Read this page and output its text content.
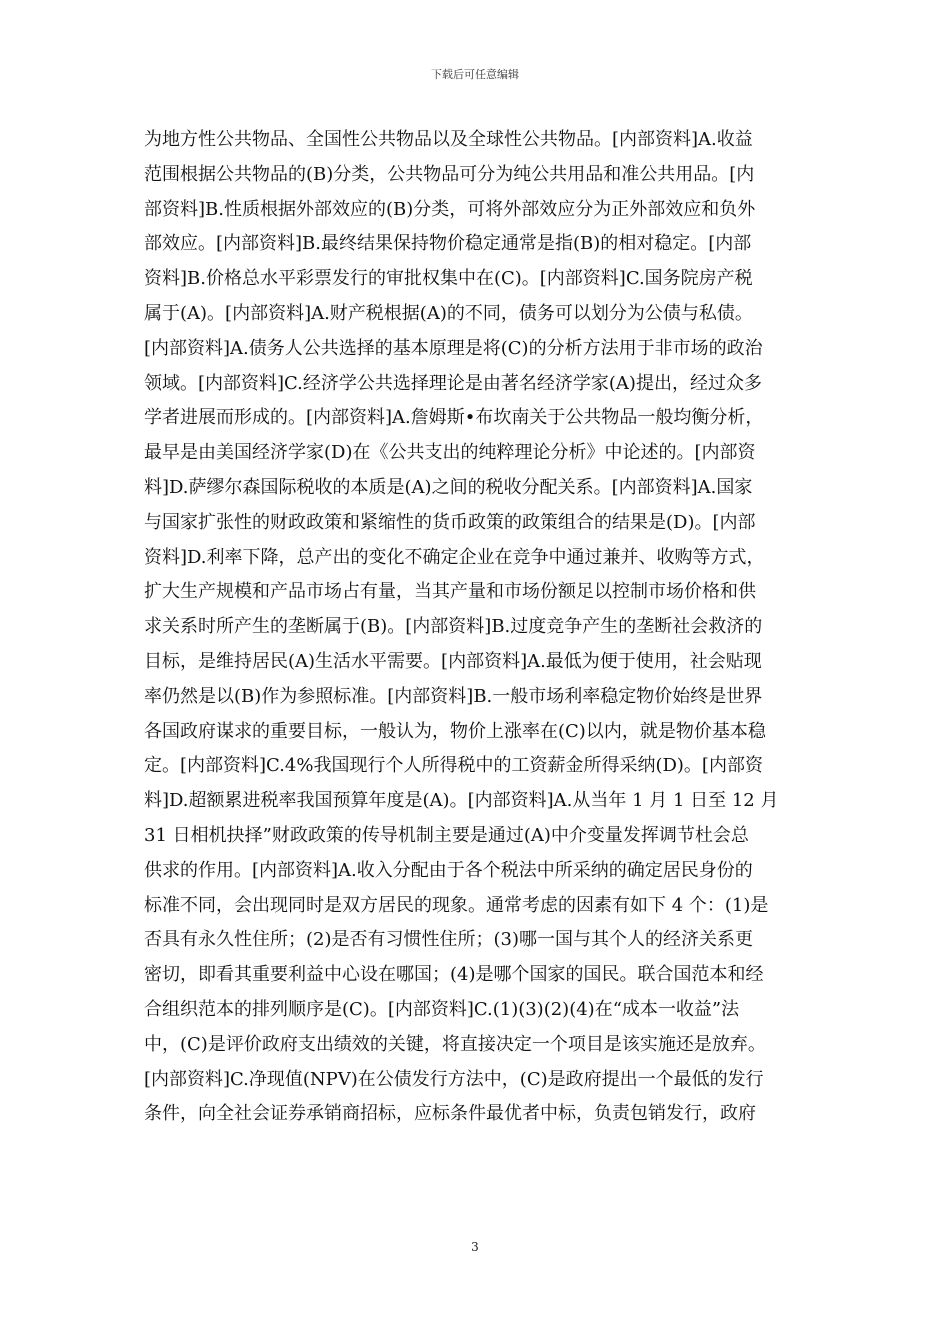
下载后可任意编辑
为地方性公共物品、全国性公共物品以及全球性公共物品。[内部资料]A.收益
范围根据公共物品的(B)分类，公共物品可分为纯公共用品和准公共用品。[内
部资料]B.性质根据外部效应的(B)分类，可将外部效应分为正外部效应和负外
部效应。[内部资料]B.最终结果保持物价稳定通常是指(B)的相对稳定。[内部
资料]B.价格总水平彩票发行的审批权集中在(C)。[内部资料]C.国务院房产税
属于(A)。[内部资料]A.财产税根据(A)的不同，债务可以划分为公债与私债。
[内部资料]A.债务人公共选择的基本原理是将(C)的分析方法用于非市场的政治
领域。[内部资料]C.经济学公共选择理论是由著名经济学家(A)提出，经过众多
学者进展而形成的。[内部资料]A.詹姆斯•布坎南关于公共物品一般均衡分析，
最早是由美国经济学家(D)在《公共支出的纯粹理论分析》中论述的。[内部资
料]D.萨缪尔森国际税收的本质是(A)之间的税收分配关系。[内部资料]A.国家
与国家扩张性的财政政策和紧缩性的货币政策的政策组合的结果是(D)。[内部
资料]D.利率下降，总产出的变化不确定企业在竞争中通过兼并、收购等方式，
扩大生产规模和产品市场占有量，当其产量和市场份额足以控制市场价格和供
求关系时所产生的垄断属于(B)。[内部资料]B.过度竞争产生的垄断社会救济的
目标，是维持居民(A)生活水平需要。[内部资料]A.最低为便于使用，社会贴现
率仍然是以(B)作为参照标准。[内部资料]B.一般市场利率稳定物价始终是世界
各国政府谋求的重要目标，一般认为，物价上涨率在(C)以内，就是物价基本稳
定。[内部资料]C.4%我国现行个人所得税中的工资薪金所得采纳(D)。[内部资
料]D.超额累进税率我国预算年度是(A)。[内部资料]A.从当年 1 月 1 日至 12 月
31 日相机抉择”财政政策的传导机制主要是通过(A)中介变量发挥调节杜会总
供求的作用。[内部资料]A.收入分配由于各个税法中所采纳的确定居民身份的
标准不同，会出现同时是双方居民的现象。通常考虑的因素有如下 4 个：(1)是
否具有永久性住所；(2)是否有习惯性住所；(3)哪一国与其个人的经济关系更
密切，即看其重要利益中心设在哪国；(4)是哪个国家的国民。联合国范本和经
合组织范本的排列顺序是(C)。[内部资料]C.(1)(3)(2)(4)在“成本一收益”法
中，(C)是评价政府支出绩效的关键，将直接决定一个项目是该实施还是放弃。
[内部资料]C.净现值(NPV)在公债发行方法中，(C)是政府提出一个最低的发行
条件，向全社会证券承销商招标，应标条件最优者中标，负责包销发行，政府
3
